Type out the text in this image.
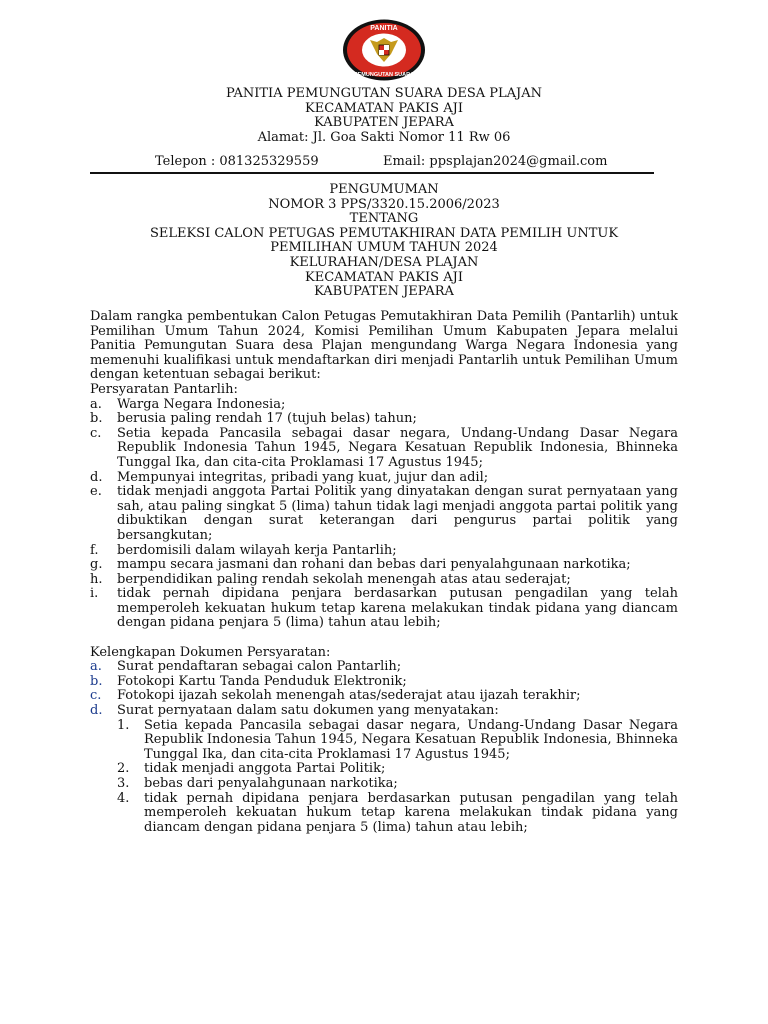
PANITIA
PEMUNGUTAN SUARA
PANITIA PEMUNGUTAN SUARA DESA PLAJAN
KECAMATAN PAKIS AJI
KABUPATEN JEPARA
Alamat: Jl. Goa Sakti Nomor 11 Rw 06
Telepon : 081325329559	Email: ppsplajan2024@gmail.com
PENGUMUMAN
NOMOR 3 PPS/3320.15.2006/2023
TENTANG
SELEKSI CALON PETUGAS PEMUTAKHIRAN DATA PEMILIH UNTUK
PEMILIHAN UMUM TAHUN 2024
KELURAHAN/DESA PLAJAN
KECAMATAN PAKIS AJI
KABUPATEN JEPARA
Dalam rangka pembentukan Calon Petugas Pemutakhiran Data Pemilih (Pantarlih) untuk Pemilihan Umum Tahun 2024, Komisi Pemilihan Umum Kabupaten Jepara melalui Panitia Pemungutan Suara desa Plajan mengundang Warga Negara Indonesia yang memenuhi kualifikasi untuk mendaftarkan diri menjadi Pantarlih untuk Pemilihan Umum dengan ketentuan sebagai berikut:
Persyaratan Pantarlih:
a.	Warga Negara Indonesia;
b.	berusia paling rendah 17 (tujuh belas) tahun;
c.	Setia kepada Pancasila sebagai dasar negara, Undang-Undang Dasar Negara Republik Indonesia Tahun 1945, Negara Kesatuan Republik Indonesia, Bhinneka Tunggal Ika, dan cita-cita Proklamasi 17 Agustus 1945;
d.	Mempunyai integritas, pribadi yang kuat, jujur dan adil;
e.	tidak menjadi anggota Partai Politik yang dinyatakan dengan surat pernyataan yang sah, atau paling singkat 5 (lima) tahun tidak lagi menjadi anggota partai politik yang dibuktikan dengan surat keterangan dari pengurus partai politik yang bersangkutan;
f.	berdomisili dalam wilayah kerja Pantarlih;
g.	mampu secara jasmani dan rohani dan bebas dari penyalahgunaan narkotika;
h.	berpendidikan paling rendah sekolah menengah atas atau sederajat;
i.	tidak pernah dipidana penjara berdasarkan putusan pengadilan yang telah memperoleh kekuatan hukum tetap karena melakukan tindak pidana yang diancam dengan pidana penjara 5 (lima) tahun atau lebih;
Kelengkapan Dokumen Persyaratan:
a.	Surat pendaftaran sebagai calon Pantarlih;
b.	Fotokopi Kartu Tanda Penduduk Elektronik;
c.	Fotokopi ijazah sekolah menengah atas/sederajat atau ijazah terakhir;
d.	Surat pernyataan dalam satu dokumen yang menyatakan:
1.	Setia kepada Pancasila sebagai dasar negara, Undang-Undang Dasar Negara Republik Indonesia Tahun 1945, Negara Kesatuan Republik Indonesia, Bhinneka Tunggal Ika, dan cita-cita Proklamasi 17 Agustus 1945;
2.	tidak menjadi anggota Partai Politik;
3.	bebas dari penyalahgunaan narkotika;
4.	tidak pernah dipidana penjara berdasarkan putusan pengadilan yang telah memperoleh kekuatan hukum tetap karena melakukan tindak pidana yang diancam dengan pidana penjara 5 (lima) tahun atau lebih;
